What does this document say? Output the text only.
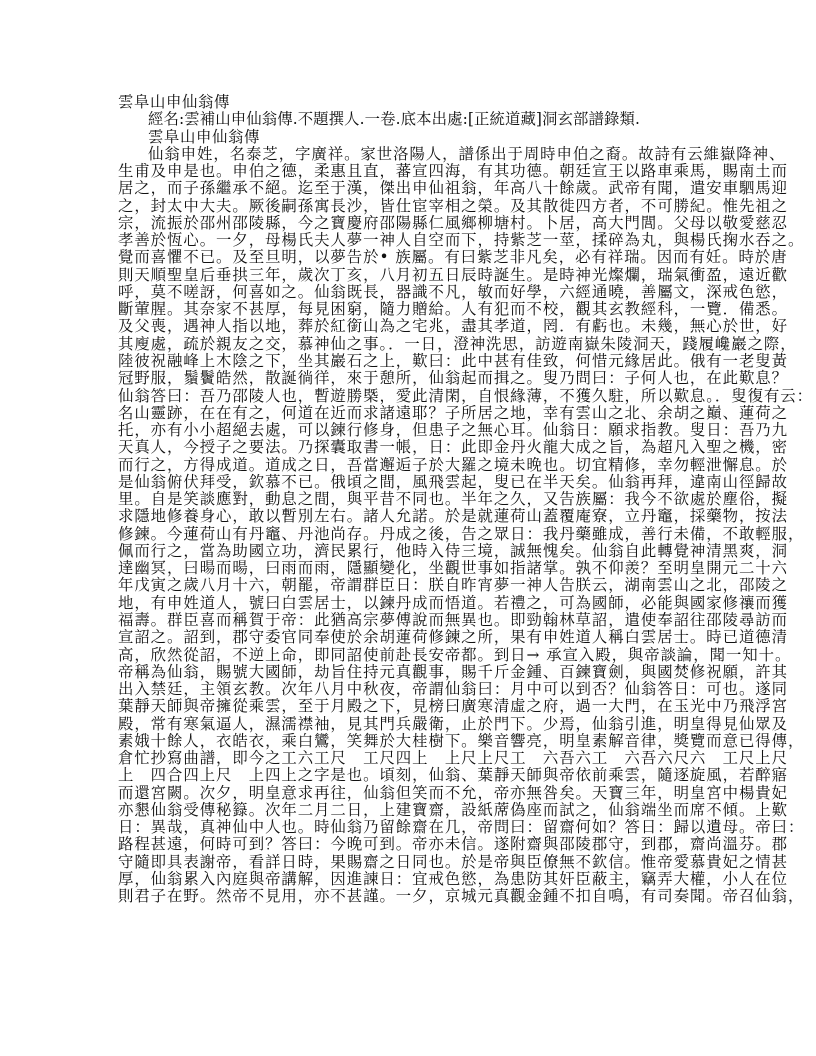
雲阜山申仙翁傳
經名:雲補山申仙翁傳.不題撰人.一卷.底本出處:[正統道藏]洞玄部譜錄類.
雲阜山申仙翁傳
仙翁申姓，名泰芝，字廣祥。家世洛陽人，譜係出于周時申伯之裔。故詩有云維嶽降神、
生甫及申是也。申伯之德，柔惠且直，蕃宣四海，有其功德。朝廷宣王以路車乘馬，賜南土而
居之，而子孫繼承不絕。迄至于漢，傑出申仙祖翁，年高八十餘歲。武帝有聞，遣安車駟馬迎
之，封太中大夫。厥後嗣孫寓長沙，皆仕宦宰相之榮。及其散徙四方者，不可勝紀。惟先祖之
宗，流振於邵州邵陵縣，今之寶慶府邵陽縣仁風鄉柳塘村。卜居，高大門閭。父母以敬愛慈忍
孝善於恆心。一夕，母楊氏夫人夢一神人自空而下，持紫芝一莖，揉碎為丸，與楊氏掬水吞之。
覺而喜懼不已。及至旦明，以夢告於• 族屬。有曰紫芝非凡矣，必有祥瑞。因而有妊。時於唐
則天順聖皇后垂拱三年，歲次丁亥，八月初五日辰時誕生。是時神光燦爛，瑞氣衝盈，遠近歡
呼，莫不嗟訝，何喜如之。仙翁既長，器識不凡，敏而好學，六經通曉，善屬文，深戒色慾，
斷葷腥。其奈家不甚厚，每見困窮，隨力贈給。人有犯而不校，觀其玄教經科，一覽．備悉。
及父喪，遇神人指以地，葬於紅銜山為之宅兆，盡其孝道，罔．有虧也。未幾，無心於世，好
其廋處，疏於親友之交，慕神仙之事。．一日，澄神洗思，訪遊南嶽朱陵洞天，踐履巉巖之際，
陸彼祝融峰上木陰之下，坐其巖石之上，歎曰：此中甚有佳致，何惜元緣居此。俄有一老叟黃
冠野服，鬚鬢皓然，散誕徜徉，來于憩所，仙翁起而揖之。叟乃問曰：子何人也，在此歎息？
仙翁答曰：吾乃邵陵人也，暫遊勝槩，愛此清閑，自恨緣薄，不獲久駐，所以歎息。．叟復有云：
名山靈跡，在在有之，何道在近而求諸遠耶？子所居之地，幸有雲山之北、余胡之巔、蓮荷之
托，亦有小小超絕去處，可以鍊行修身，但患子之無心耳。仙翁日：願求指教。叟日：吾乃九
天真人，今授子之要法。乃探囊取書一帳，日：此即金丹火龍大成之旨，為超凡入聖之機，密
而行之，方得成道。道成之日，吾當邂逅子於大羅之境未晚也。切宜精修，幸勿輕泄懈息。於
是仙翁俯伏拜受，欽慕不已。俄頃之間，風飛雲起，叟已在半天矣。仙翁再拜，違南山徑歸故
里。自是笑談應對，動息之間，與平昔不同也。半年之久，又告族屬：我今不欲處於塵俗，擬
求隱地修養身心，敢以暫別左右。諸人允諾。於是就蓮荷山蓋覆庵寮，立丹竈，採藥物，按法
修鍊。今蓮荷山有丹竈、丹池尚存。丹成之後，告之眾日：我丹藥雖成，善行未備，不敢輕服，
佩而行之，當為助國立功，濟民累行，他時入侍三境，誠無愧矣。仙翁自此轉覺神清黑爽，洞
達幽冥，曰暘而暘，曰雨而雨，隱顯變化，坐觀世事如指諸掌。孰不仰羨？至明皇開元二十六
年戊寅之歲八月十六，朝罷，帝謂群臣日：朕自昨宵夢一神人告朕云，湖南雲山之北，邵陵之
地，有申姓道人，號曰白雲居士，以鍊丹成而悟道。若禮之，可為國師，必能與國家修禳而獲
福壽。群臣喜而稱賀于帝：此猶高宗夢傅說而無異也。即勁翰林草詔，遣使奉詔往邵陵尋訪而
宣詔之。詔到，郡守委官同奉使於余胡蓮荷修鍊之所，果有申姓道人稱白雲居士。時已道德清
高，欣然從詔，不逆上命，即同詔使前赴長安帝都。到日→ 承宣入殿，與帝談論，聞一知十。
帝稱為仙翁，賜號大國師，劫旨住持元真觀事，賜千斤金鍾、百鍊寶劍，與國焚修祝願，許其
出入禁廷，主領玄教。次年八月中秋夜，帝謂仙翁曰：月中可以到否？仙翁答日：可也。遂同
葉靜天師與帝擁從乘雲，至于月殿之下，見榜曰廣寒清虛之府，過一大門，在玉光中乃飛浮宮
殿，常有寒氣逼人，濕濡襟袖，見其門兵嚴衛，止於門下。少焉，仙翁引進，明皇得見仙眾及
素娥十餘人，衣皓衣，乘白鸞，笑舞於大桂樹下。樂音響亮，明皇素解音律，獎覽而意已得傳，
倉忙抄寫曲譜，即今之工六工尺　工尺四上　上尺上尺工　六吾六工　六吾六尺六　工尺上尺
上　四合四上尺　上四上之字是也。頃刻，仙翁、葉靜天師與帝依前乘雲，隨逐旋風，若醉寤
而還宮闕。次夕，明皇意求再往，仙翁但笑而不允，帝亦無咎矣。天寶三年，明皇宮中楊貴妃
亦懇仙翁受傳秘籙。次年二月二日，上建寶齋，設紙蓆偽座而試之，仙翁端坐而席不傾。上歎
日：異哉，真神仙中人也。時仙翁乃留餘齋在几，帝問曰：留齋何如？答日：歸以遺母。帝曰：
路程甚遠，何時可到？答曰：今晚可到。帝亦未信。遂附齋與邵陵郡守，到郡，齋尚溫芬。郡
守隨即具表謝帝，看詳日時，果賜齋之日同也。於是帝與臣僚無不欽信。惟帝愛慕貴妃之情甚
厚，仙翁累入內庭與帝講解，因進諫日：宜戒色慾，為患防其奸臣蔽主，竊弄大權，小人在位
則君子在野。然帝不見用，亦不甚謹。一夕，京城元真觀金鍾不扣自鳴，有司奏聞。帝召仙翁，
